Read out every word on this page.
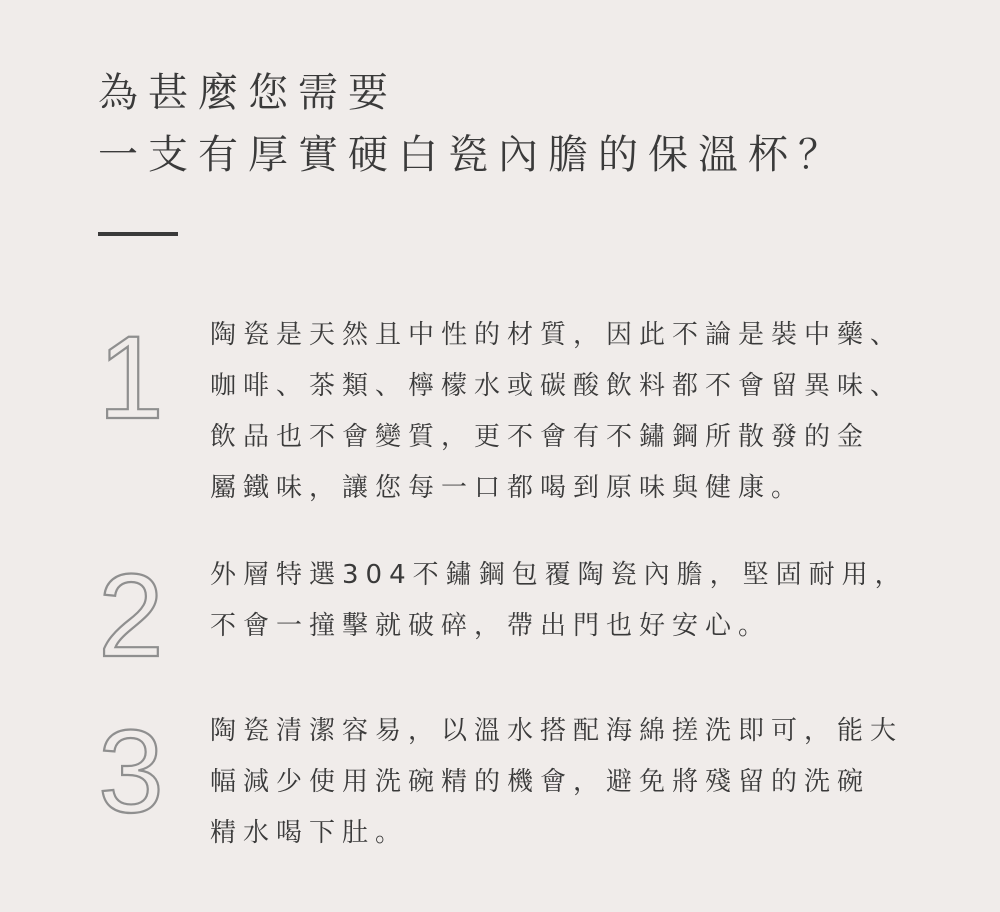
為甚麼您需要
一支有厚實硬白瓷內膽的保溫杯？
1 陶瓷是天然且中性的材質，因此不論是裝中藥、
咖啡、茶類、檸檬水或碳酸飲料都不會留異味、
飲品也不會變質，更不會有不鏽鋼所散發的金
屬鐵味，讓您每一口都喝到原味與健康。
2 外層特選304不鏽鋼包覆陶瓷內膽，堅固耐用，
不會一撞擊就破碎，帶出門也好安心。
3 陶瓷清潔容易，以溫水搭配海綿搓洗即可，能大
幅減少使用洗碗精的機會，避免將殘留的洗碗
精水喝下肚。
